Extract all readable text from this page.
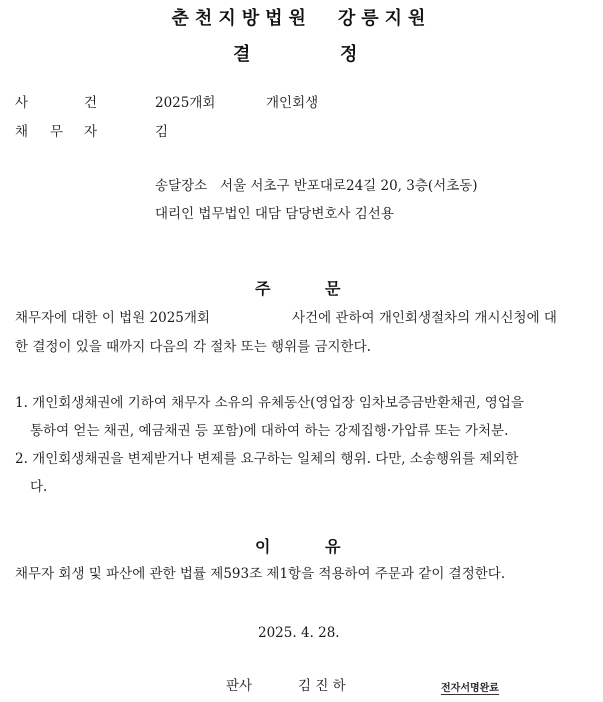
춘천지방법원 강릉지원
결	정
사	건	2025개회	개인회생
채 무 자	김
송달장소 서울 서초구 반포대로24길 20, 3층(서초동)
대리인 법무법인 대담 담당변호사 김선용
주	문
채무자에 대한 이 법원 2025개회	사건에 관하여 개인회생절차의 개시신청에 대
한 결정이 있을 때까지 다음의 각 절차 또는 행위를 금지한다.
1. 개인회생채권에 기하여 채무자 소유의 유체동산(영업장 임차보증금반환채권, 영업을
통하여 얻는 채권, 예금채권 등 포함)에 대하여 하는 강제집행·가압류 또는 가처분.
2. 개인회생채권을 변제받거나 변제를 요구하는 일체의 행위. 다만, 소송행위를 제외한
다.
이	유
채무자 회생 및 파산에 관한 법률 제593조 제1항을 적용하여 주문과 같이 결정한다.
2025. 4. 28.
판사	김 진 하	전자서명완료
